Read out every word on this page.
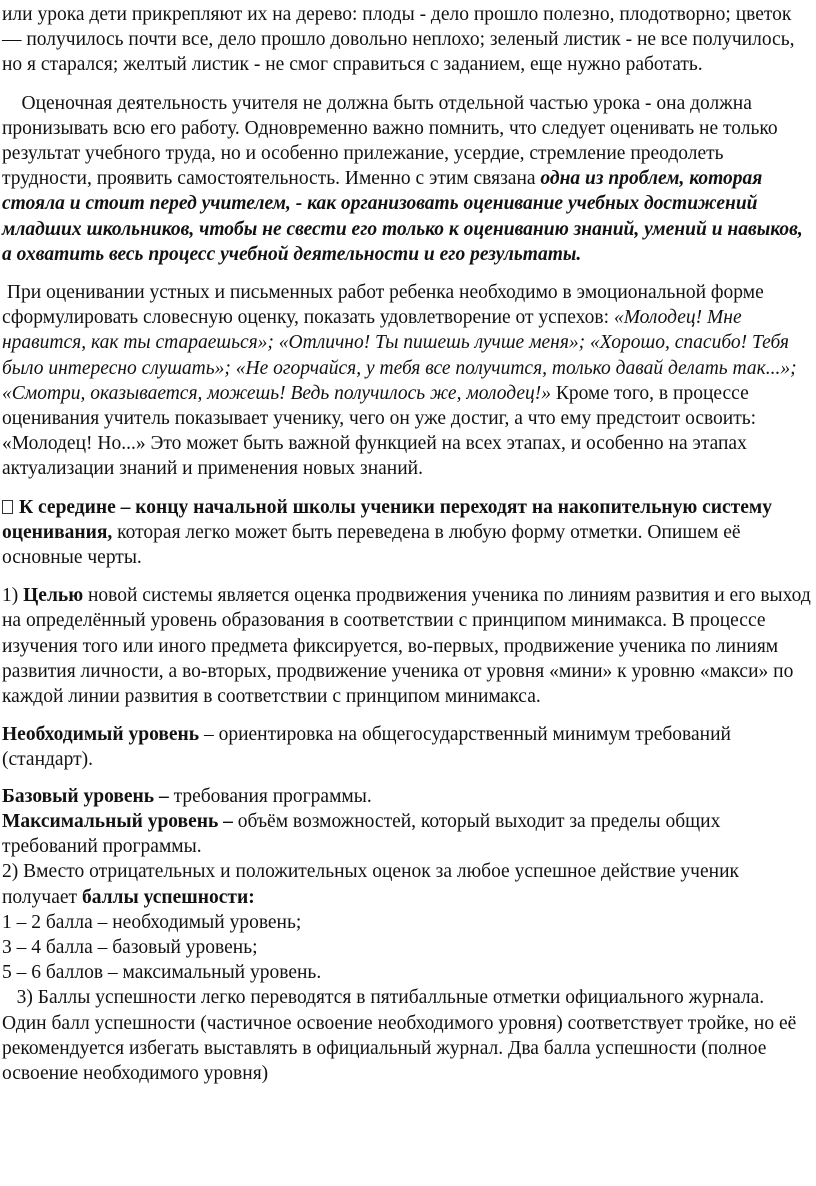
или урока дети прикрепляют их на дерево: плоды - дело прошло полезно, плодотворно; цветок — получилось почти все, дело прошло довольно неплохо; зеленый листик - не все получилось, но я старался; желтый листик - не смог справиться с заданием, еще нужно работать.

Оценочная деятельность учителя не должна быть отдельной частью урока - она должна пронизывать всю его работу. Одновременно важно помнить, что следует оценивать не только результат учебного труда, но и особенно прилежание, усердие, стремление преодолеть трудности, проявить самостоятельность. Именно с этим связана одна из проблем, которая стояла и стоит перед учителем, - как организовать оценивание учебных достижений младших школьников, чтобы не свести его только к оцениванию знаний, умений и навыков, а охватить весь процесс учебной деятельности и его результаты.

При оценивании устных и письменных работ ребенка необходимо в эмоциональной форме сформулировать словесную оценку, показать удовлетворение от успехов: «Молодец! Мне нравится, как ты стараешься»; «Отлично! Ты пишешь лучше меня»; «Хорошо, спасибо! Тебя было интересно слушать»; «Не огорчайся, у тебя все получится, только давай делать так...»; «Смотри, оказывается, можешь! Ведь получилось же, молодец!» Кроме того, в процессе оценивания учитель показывает ученику, чего он уже достиг, а что ему предстоит освоить: «Молодец! Но...» Это может быть важной функцией на всех этапах, и особенно на этапах актуализации знаний и применения новых знаний.

К середине – концу начальной школы ученики переходят на накопительную систему оценивания, которая легко может быть переведена в любую форму отметки. Опишем её основные черты.

1) Целью новой системы является оценка продвижения ученика по линиям развития и его выход на определённый уровень образования в соответствии с принципом минимакса. В процессе изучения того или иного предмета фиксируется, во-первых, продвижение ученика по линиям развития личности, а во-вторых, продвижение ученика от уровня «мини» к уровню «макси» по каждой линии развития в соответствии с принципом минимакса.

Необходимый уровень – ориентировка на общегосударственный минимум требований (стандарт).

Базовый уровень – требования программы.

Максимальный уровень – объём возможностей, который выходит за пределы общих требований программы.

2) Вместо отрицательных и положительных оценок за любое успешное действие ученик получает баллы успешности:

1 – 2 балла – необходимый уровень;

3 – 4 балла – базовый уровень;

5 – 6 баллов – максимальный уровень.

3) Баллы успешности легко переводятся в пятибалльные отметки официального журнала. Один балл успешности (частичное освоение необходимого уровня) соответствует тройке, но её рекомендуется избегать выставлять в официальный журнал. Два балла успешности (полное освоение необходимого уровня)
